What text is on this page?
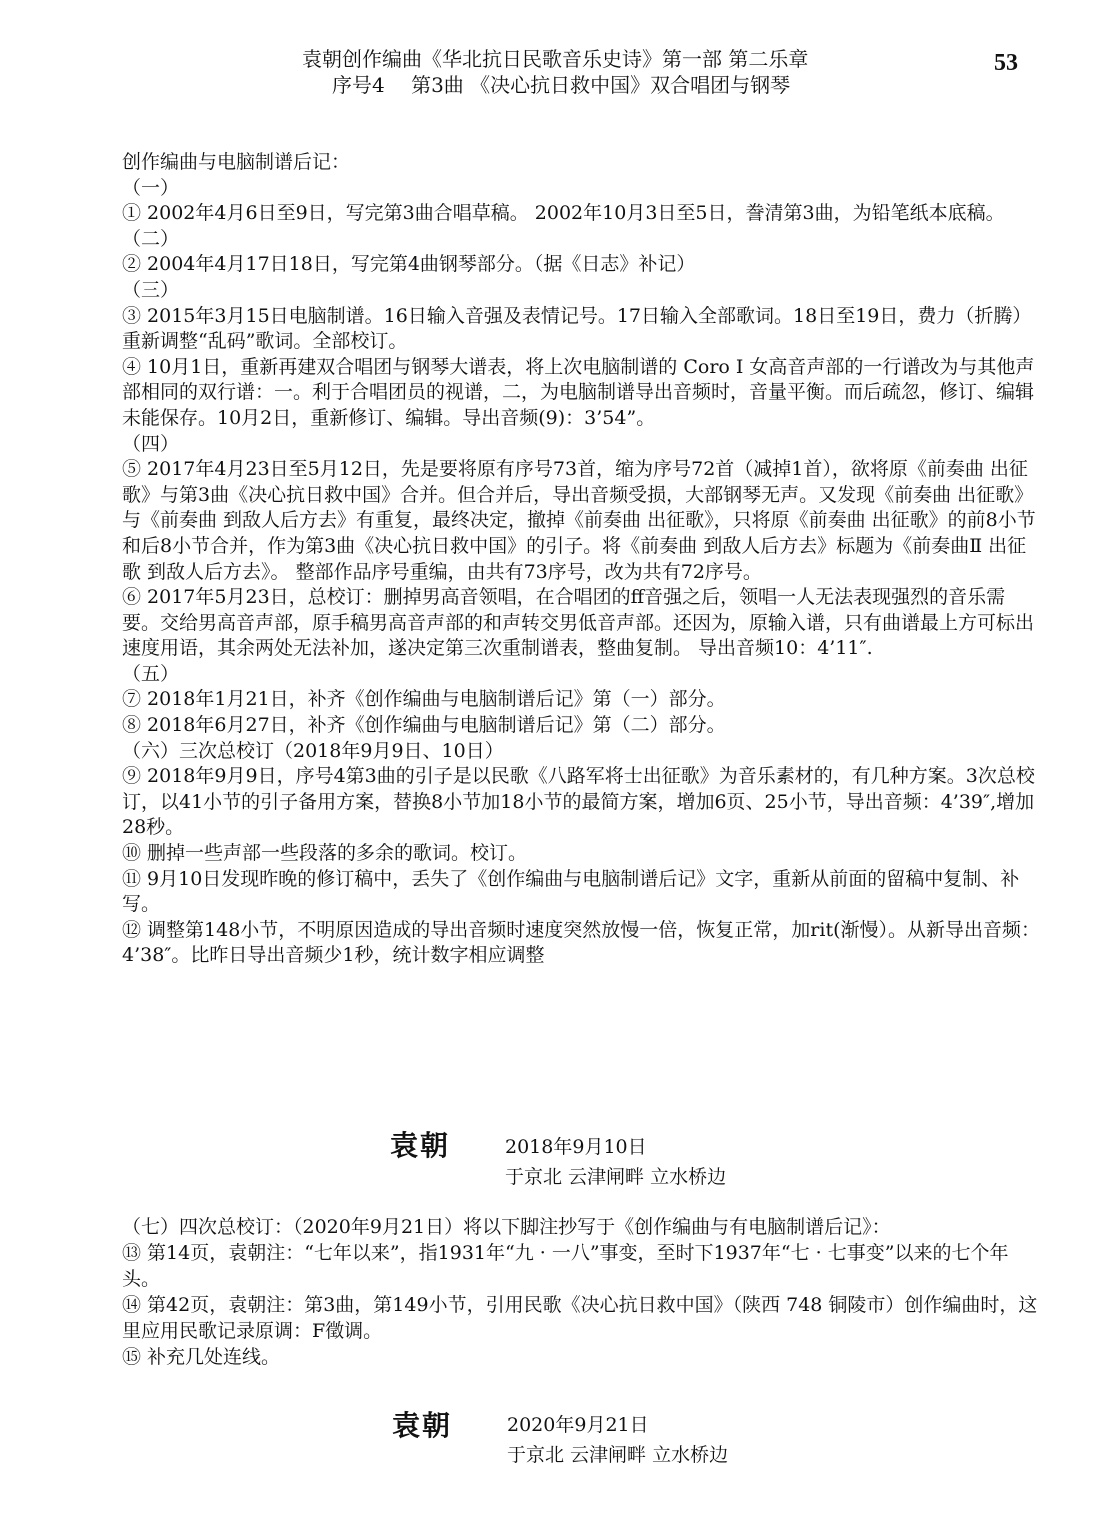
53
袁朝创作编曲《华北抗日民歌音乐史诗》第一部 第二乐章
序号4　 第3曲 《决心抗日救中国》双合唱团与钢琴

创作编曲与电脑制谱后记：

（一）

① 2002年4月6日至9日，写完第3曲合唱草稿。 2002年10月3日至5日，誊清第3曲，为铅笔纸本底稿。

（二）

② 2004年4月17日18日，写完第4曲钢琴部分。（据《日志》补记）

（三）

③ 2015年3月15日电脑制谱。16日输入音强及表情记号。17日输入全部歌词。18日至19日，费力（折腾）重新调整“乱码”歌词。全部校订。

④ 10月1日，重新再建双合唱团与钢琴大谱表，将上次电脑制谱的 Coro I 女高音声部的一行谱改为与其他声部相同的双行谱：一。利于合唱团员的视谱，二，为电脑制谱导出音频时，音量平衡。而后疏忽，修订、编辑未能保存。10月2日，重新修订、编辑。导出音频(9)：3’54”。

（四）

⑤ 2017年4月23日至5月12日，先是要将原有序号73首，缩为序号72首（减掉1首），欲将原《前奏曲 出征歌》与第3曲《决心抗日救中国》合并。但合并后，导出音频受损，大部钢琴无声。又发现《前奏曲 出征歌》与《前奏曲 到敌人后方去》有重复，最终决定，撤掉《前奏曲 出征歌》，只将原《前奏曲 出征歌》的前8小节和后8小节合并，作为第3曲《决心抗日救中国》的引子。将《前奏曲 到敌人后方去》标题为《前奏曲Ⅱ 出征歌 到敌人后方去》。 整部作品序号重编，由共有73序号，改为共有72序号。

⑥ 2017年5月23日，总校订：删掉男高音领唱，在合唱团的ff音强之后，领唱一人无法表现强烈的音乐需要。交给男高音声部，原手稿男高音声部的和声转交男低音声部。还因为，原输入谱，只有曲谱最上方可标出速度用语，其余两处无法补加，遂决定第三次重制谱表，整曲复制。 导出音频10：4’11″.

（五）

⑦ 2018年1月21日，补齐《创作编曲与电脑制谱后记》第（一）部分。

⑧ 2018年6月27日，补齐《创作编曲与电脑制谱后记》第（二）部分。

（六）三次总校订（2018年9月9日、10日）

⑨ 2018年9月9日，序号4第3曲的引子是以民歌《八路军将士出征歌》为音乐素材的，有几种方案。3次总校订，以41小节的引子备用方案，替换8小节加18小节的最简方案，增加6页、25小节，导出音频：4’39″,增加28秒。

⑩ 删掉一些声部一些段落的多余的歌词。校订。

⑪ 9月10日发现昨晚的修订稿中，丢失了《创作编曲与电脑制谱后记》文字，重新从前面的留稿中复制、补写。

⑫ 调整第148小节，不明原因造成的导出音频时速度突然放慢一倍，恢复正常，加rit(渐慢）。从新导出音频：4’38″。比昨日导出音频少1秒，统计数字相应调整

袁朝	2018年9月10日
于京北 云津闸畔 立水桥边

（七）四次总校订：（2020年9月21日）将以下脚注抄写于《创作编曲与有电脑制谱后记》：

⑬ 第14页，袁朝注：“七年以来”，指1931年“九 · 一八”事变，至时下1937年“七 · 七事变”以来的七个年头。

⑭ 第42页，袁朝注：第3曲，第149小节，引用民歌《决心抗日救中国》（陕西 748 铜陵市）创作编曲时，这里应用民歌记录原调：F徵调。

⑮ 补充几处连线。

袁朝	2020年9月21日
于京北 云津闸畔 立水桥边
